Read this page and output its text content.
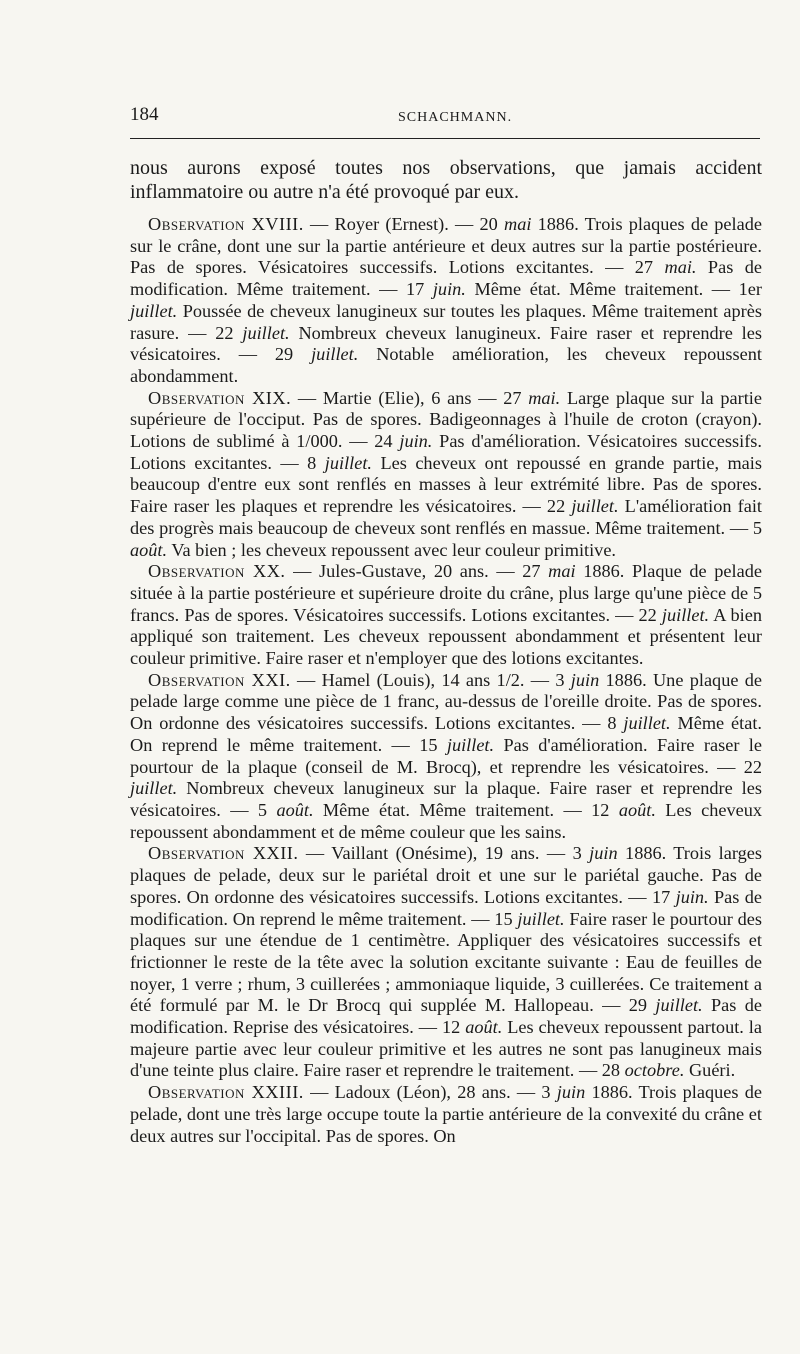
184	SCHACHMANN.

nous aurons exposé toutes nos observations, que jamais accident inflammatoire ou autre n'a été provoqué par eux.

Observation XVIII. — Royer (Ernest). — 20 mai 1886. Trois plaques de pelade sur le crâne, dont une sur la partie antérieure et deux autres sur la partie postérieure. Pas de spores. Vésicatoires successifs. Lotions excitantes. — 27 mai. Pas de modification. Même traitement. — 17 juin. Même état. Même traitement. — 1er juillet. Poussée de cheveux lanugineux sur toutes les plaques. Même traitement après rasure. — 22 juillet. Nombreux cheveux lanugineux. Faire raser et reprendre les vésicatoires. — 29 juillet. Notable amélioration, les cheveux repoussent abondamment.

Observation XIX. — Martie (Elie), 6 ans — 27 mai. Large plaque sur la partie supérieure de l'occiput. Pas de spores. Badigeonnages à l'huile de croton (crayon). Lotions de sublimé à 1/000. — 24 juin. Pas d'amélioration. Vésicatoires successifs. Lotions excitantes. — 8 juillet. Les cheveux ont repoussé en grande partie, mais beaucoup d'entre eux sont renflés en masses à leur extrémité libre. Pas de spores. Faire raser les plaques et reprendre les vésicatoires. — 22 juillet. L'amélioration fait des progrès mais beaucoup de cheveux sont renflés en massue. Même traitement. — 5 août. Va bien ; les cheveux repoussent avec leur couleur primitive.

Observation XX. — Jules-Gustave, 20 ans. — 27 mai 1886. Plaque de pelade située à la partie postérieure et supérieure droite du crâne, plus large qu'une pièce de 5 francs. Pas de spores. Vésicatoires successifs. Lotions excitantes. — 22 juillet. A bien appliqué son traitement. Les cheveux repoussent abondamment et présentent leur couleur primitive. Faire raser et n'employer que des lotions excitantes.

Observation XXI. — Hamel (Louis), 14 ans 1/2. — 3 juin 1886. Une plaque de pelade large comme une pièce de 1 franc, au-dessus de l'oreille droite. Pas de spores. On ordonne des vésicatoires successifs. Lotions excitantes. — 8 juillet. Même état. On reprend le même traitement. — 15 juillet. Pas d'amélioration. Faire raser le pourtour de la plaque (conseil de M. Brocq), et reprendre les vésicatoires. — 22 juillet. Nombreux cheveux lanugineux sur la plaque. Faire raser et reprendre les vésicatoires. — 5 août. Même état. Même traitement. — 12 août. Les cheveux repoussent abondamment et de même couleur que les sains.

Observation XXII. — Vaillant (Onésime), 19 ans. — 3 juin 1886. Trois larges plaques de pelade, deux sur le pariétal droit et une sur le pariétal gauche. Pas de spores. On ordonne des vésicatoires successifs. Lotions excitantes. — 17 juin. Pas de modification. On reprend le même traitement. — 15 juillet. Faire raser le pourtour des plaques sur une étendue de 1 centimètre. Appliquer des vésicatoires successifs et frictionner le reste de la tête avec la solution excitante suivante : Eau de feuilles de noyer, 1 verre ; rhum, 3 cuillerées ; ammoniaque liquide, 3 cuillerées. Ce traitement a été formulé par M. le Dr Brocq qui supplée M. Hallopeau. — 29 juillet. Pas de modification. Reprise des vésicatoires. — 12 août. Les cheveux repoussent partout. la majeure partie avec leur couleur primitive et les autres ne sont pas lanugineux mais d'une teinte plus claire. Faire raser et reprendre le traitement. — 28 octobre. Guéri.

Observation XXIII. — Ladoux (Léon), 28 ans. — 3 juin 1886. Trois plaques de pelade, dont une très large occupe toute la partie antérieure de la convexité du crâne et deux autres sur l'occipital. Pas de spores. On
